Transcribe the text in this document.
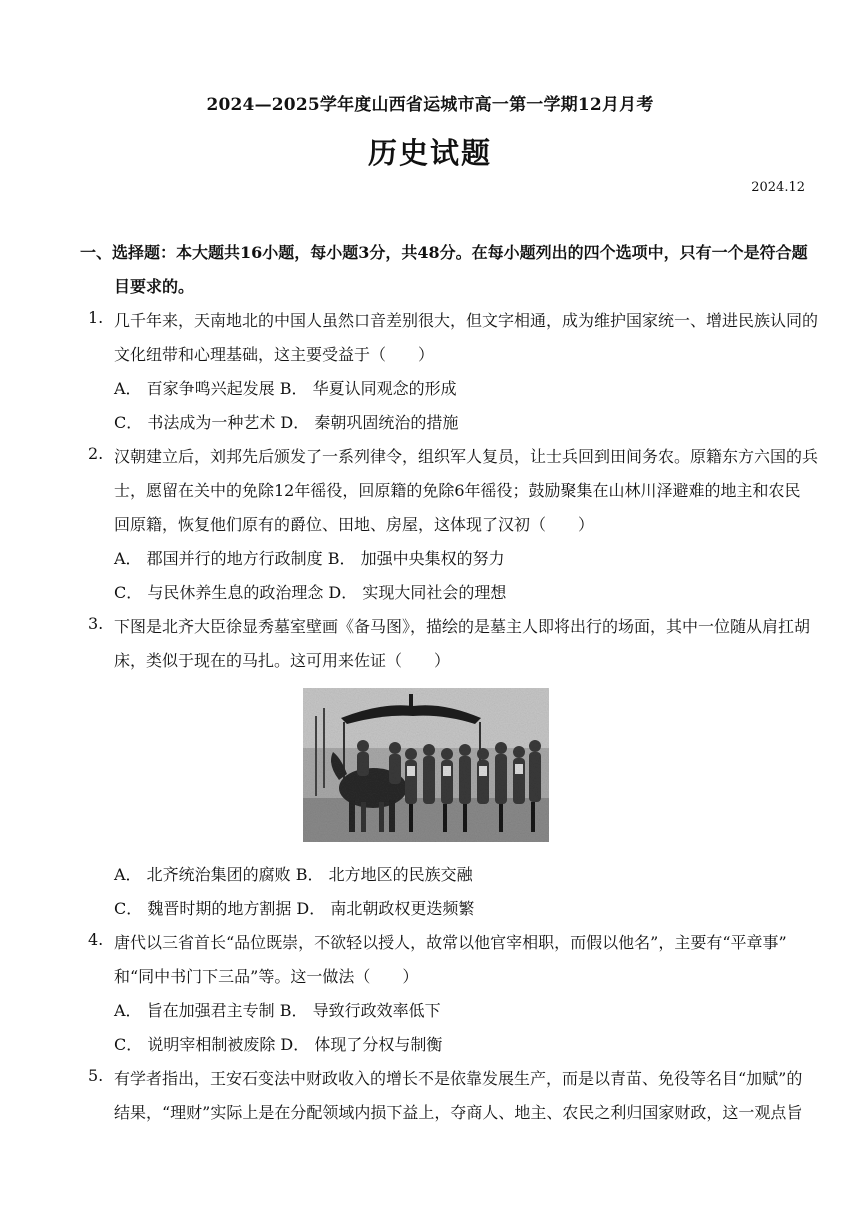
2024—2025学年度山西省运城市高一第一学期12月月考
历史试题
2024.12
一、选择题：本大题共16小题，每小题3分，共48分。在每小题列出的四个选项中，只有一个是符合题
目要求的。
1. 几千年来，天南地北的中国人虽然口音差别很大，但文字相通，成为维护国家统一、增进民族认同的
文化纽带和心理基础，这主要受益于（　　）
A． 百家争鸣兴起发展 B． 华夏认同观念的形成
C． 书法成为一种艺术 D． 秦朝巩固统治的措施
2. 汉朝建立后，刘邦先后颁发了一系列律令，组织军人复员，让士兵回到田间务农。原籍东方六国的兵
士，愿留在关中的免除12年徭役，回原籍的免除6年徭役；鼓励聚集在山林川泽避难的地主和农民
回原籍，恢复他们原有的爵位、田地、房屋，这体现了汉初（　　）
A． 郡国并行的地方行政制度 B． 加强中央集权的努力
C． 与民休养生息的政治理念 D． 实现大同社会的理想
3. 下图是北齐大臣徐显秀墓室壁画《备马图》，描绘的是墓主人即将出行的场面，其中一位随从肩扛胡
床，类似于现在的马扎。这可用来佐证（　　）
A． 北齐统治集团的腐败 B． 北方地区的民族交融
C． 魏晋时期的地方割据 D． 南北朝政权更迭频繁
4. 唐代以三省首长“品位既崇，不欲轻以授人，故常以他官宰相职，而假以他名”，主要有“平章事”
和“同中书门下三品”等。这一做法（　　）
A． 旨在加强君主专制 B． 导致行政效率低下
C． 说明宰相制被废除 D． 体现了分权与制衡
5. 有学者指出，王安石变法中财政收入的增长不是依靠发展生产，而是以青苗、免役等名目“加赋”的
结果，“理财”实际上是在分配领域内损下益上，夺商人、地主、农民之利归国家财政，这一观点旨
